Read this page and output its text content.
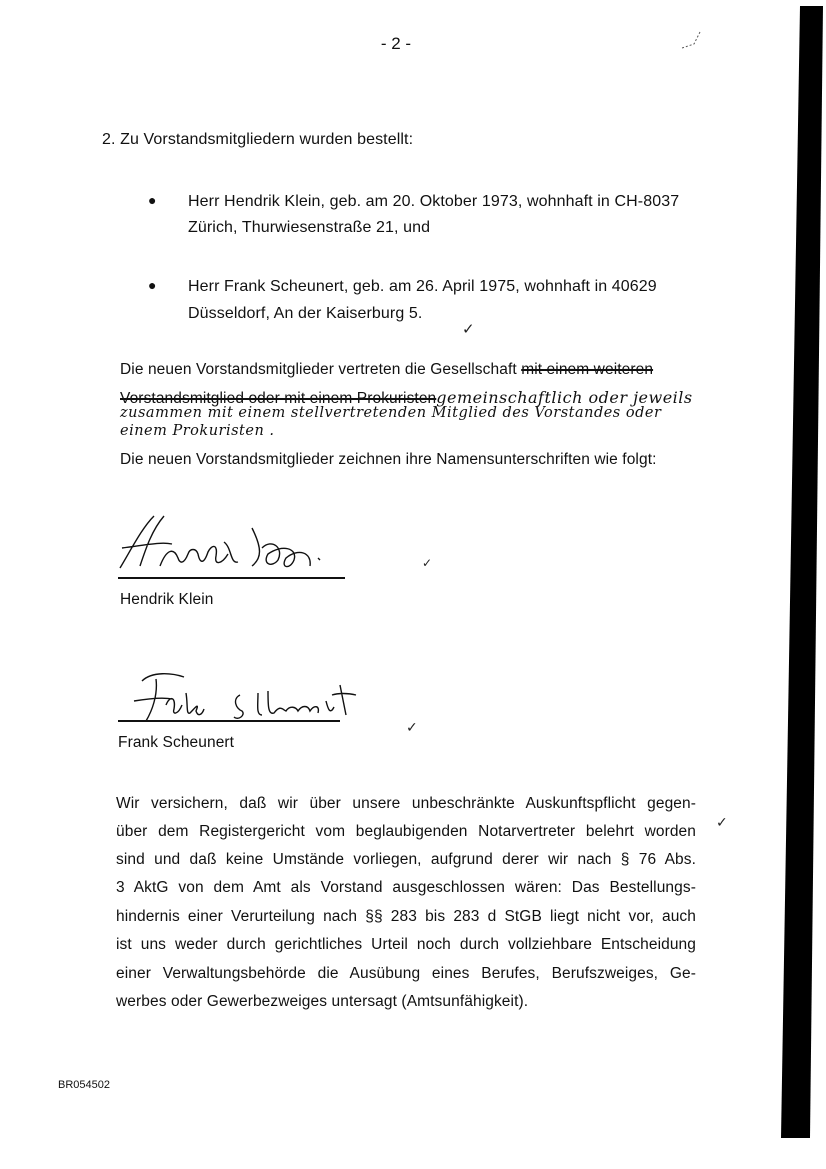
- 2 -
2. Zu Vorstandsmitgliedern wurden bestellt:
● Herr Hendrik Klein, geb. am 20. Oktober 1973, wohnhaft in CH-8037
Zürich, Thurwiesenstraße 21, und
● Herr Frank Scheunert, geb. am 26. April 1975, wohnhaft in 40629
Düsseldorf, An der Kaiserburg 5.
✓
Die neuen Vorstandsmitglieder vertreten die Gesellschaft mit einem weiteren
Vorstandsmitglied oder mit einem Prokuristengemeinschaftlich oder jeweils
zusammen mit einem stellvertretenden Mitglied des Vorstandes oder
einem Prokuristen .
Die neuen Vorstandsmitglieder zeichnen ihre Namensunterschriften wie folgt:
Hendrik Klein
✓
Frank Scheunert
✓
Wir versichern, daß wir über unsere unbeschränkte Auskunftspflicht gegen-
über dem Registergericht vom beglaubigenden Notarvertreter belehrt worden
sind und daß keine Umstände vorliegen, aufgrund derer wir nach § 76 Abs.
3 AktG von dem Amt als Vorstand ausgeschlossen wären: Das Bestellungs-
hindernis einer Verurteilung nach §§ 283 bis 283 d StGB liegt nicht vor, auch
ist uns weder durch gerichtliches Urteil noch durch vollziehbare Entscheidung
einer Verwaltungsbehörde die Ausübung eines Berufes, Berufszweiges, Ge-
werbes oder Gewerbezweiges untersagt (Amtsunfähigkeit).
✓
BR054502
